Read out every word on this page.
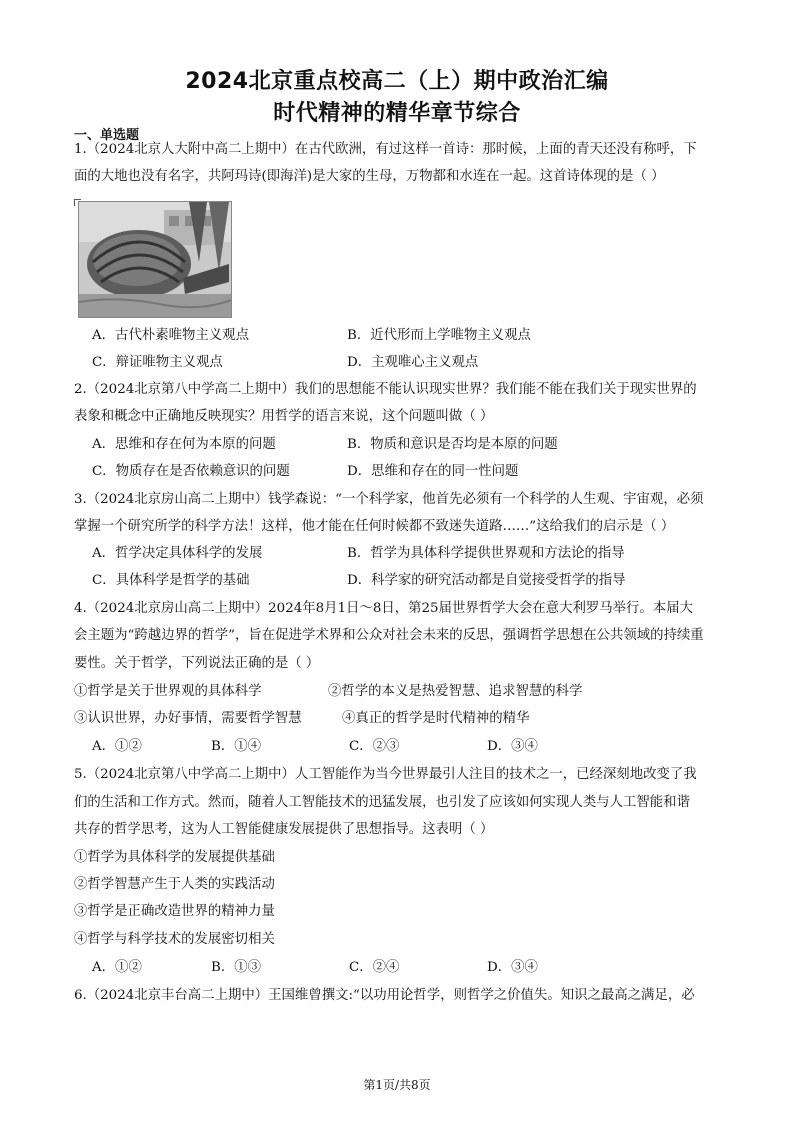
2024北京重点校高二（上）期中政治汇编
时代精神的精华章节综合
一、单选题
1.（2024北京人大附中高二上期中）在古代欧洲，有过这样一首诗：那时候，上面的青天还没有称呼，下
面的大地也没有名字，共阿玛诗(即海洋)是大家的生母，万物都和水连在一起。这首诗体现的是（ ）
A．古代朴素唯物主义观点	B．近代形而上学唯物主义观点
C．辩证唯物主义观点	D．主观唯心主义观点
2.（2024北京第八中学高二上期中）我们的思想能不能认识现实世界？我们能不能在我们关于现实世界的
表象和概念中正确地反映现实？用哲学的语言来说，这个问题叫做（ ）
A．思维和存在何为本原的问题	B．物质和意识是否均是本原的问题
C．物质存在是否依赖意识的问题	D．思维和存在的同一性问题
3.（2024北京房山高二上期中）钱学森说：“一个科学家，他首先必须有一个科学的人生观、宇宙观，必须
掌握一个研究所学的科学方法！这样，他才能在任何时候都不致迷失道路……”这给我们的启示是（ ）
A．哲学决定具体科学的发展	B．哲学为具体科学提供世界观和方法论的指导
C．具体科学是哲学的基础	D．科学家的研究活动都是自觉接受哲学的指导
4.（2024北京房山高二上期中）2024年8月1日～8日，第25届世界哲学大会在意大利罗马举行。本届大
会主题为“跨越边界的哲学”，旨在促进学术界和公众对社会未来的反思，强调哲学思想在公共领域的持续重
要性。关于哲学，下列说法正确的是（ ）
①哲学是关于世界观的具体科学	②哲学的本义是热爱智慧、追求智慧的科学
③认识世界，办好事情，需要哲学智慧	④真正的哲学是时代精神的精华
A．①②	B．①④	C．②③	D．③④
5.（2024北京第八中学高二上期中）人工智能作为当今世界最引人注目的技术之一，已经深刻地改变了我
们的生活和工作方式。然而，随着人工智能技术的迅猛发展，也引发了应该如何实现人类与人工智能和谐
共存的哲学思考，这为人工智能健康发展提供了思想指导。这表明（ ）
①哲学为具体科学的发展提供基础
②哲学智慧产生于人类的实践活动
③哲学是正确改造世界的精神力量
④哲学与科学技术的发展密切相关
A．①②	B．①③	C．②④	D．③④
6.（2024北京丰台高二上期中）王国维曾撰文:“以功用论哲学，则哲学之价值失。知识之最高之满足，必
第1页/共8页
